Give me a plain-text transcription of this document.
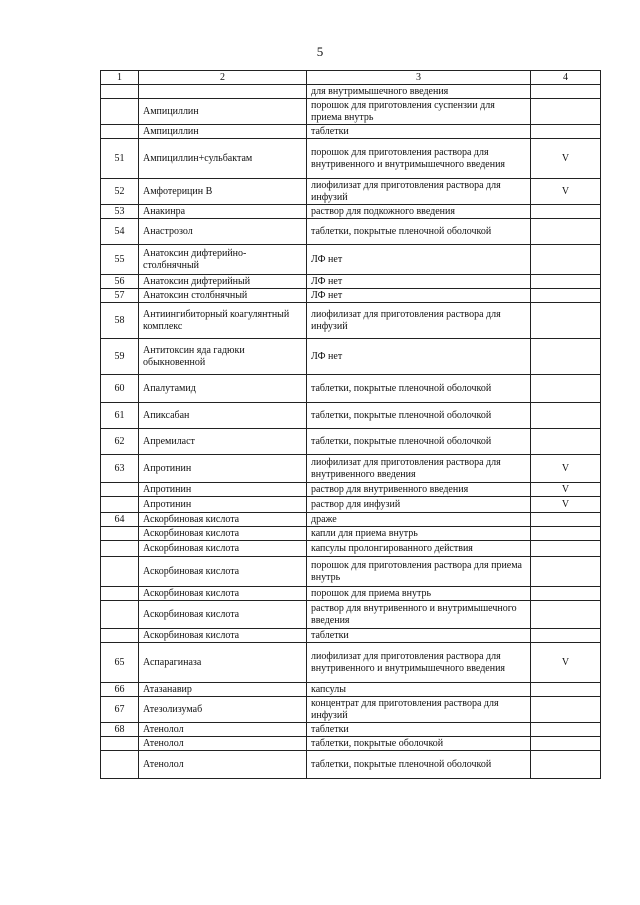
5
1	2	3	4
		для внутримышечного введения	
	Ампициллин	порошок для приготовления суспензии для приема внутрь	
	Ампициллин	таблетки	
51	Ампициллин+сульбактам	порошок для приготовления раствора для внутривенного и внутримышечного введения	V
52	Амфотерицин В	лиофилизат для приготовления раствора для инфузий	V
53	Анакинра	раствор для подкожного введения	
54	Анастрозол	таблетки, покрытые пленочной оболочкой	
55	Анатоксин дифтерийно-столбнячный	ЛФ нет	
56	Анатоксин дифтерийный	ЛФ нет	
57	Анатоксин столбнячный	ЛФ нет	
58	Антиингибиторный коагулянтный комплекс	лиофилизат для приготовления раствора для инфузий	
59	Антитоксин яда гадюки обыкновенной	ЛФ нет	
60	Апалутамид	таблетки, покрытые пленочной оболочкой	
61	Апиксабан	таблетки, покрытые пленочной оболочкой	
62	Апремиласт	таблетки, покрытые пленочной оболочкой	
63	Апротинин	лиофилизат для приготовления раствора для внутривенного введения	V
	Апротинин	раствор для внутривенного введения	V
	Апротинин	раствор для инфузий	V
64	Аскорбиновая кислота	драже	
	Аскорбиновая кислота	капли для приема внутрь	
	Аскорбиновая кислота	капсулы пролонгированного действия	
	Аскорбиновая кислота	порошок для приготовления раствора для приема внутрь	
	Аскорбиновая кислота	порошок для приема внутрь	
	Аскорбиновая кислота	раствор для внутривенного и внутримышечного введения	
	Аскорбиновая кислота	таблетки	
65	Аспарагиназа	лиофилизат для приготовления раствора для внутривенного и внутримышечного введения	V
66	Атазанавир	капсулы	
67	Атезолизумаб	концентрат для приготовления раствора для инфузий	
68	Атенолол	таблетки	
	Атенолол	таблетки, покрытые оболочкой	
	Атенолол	таблетки, покрытые пленочной оболочкой	
